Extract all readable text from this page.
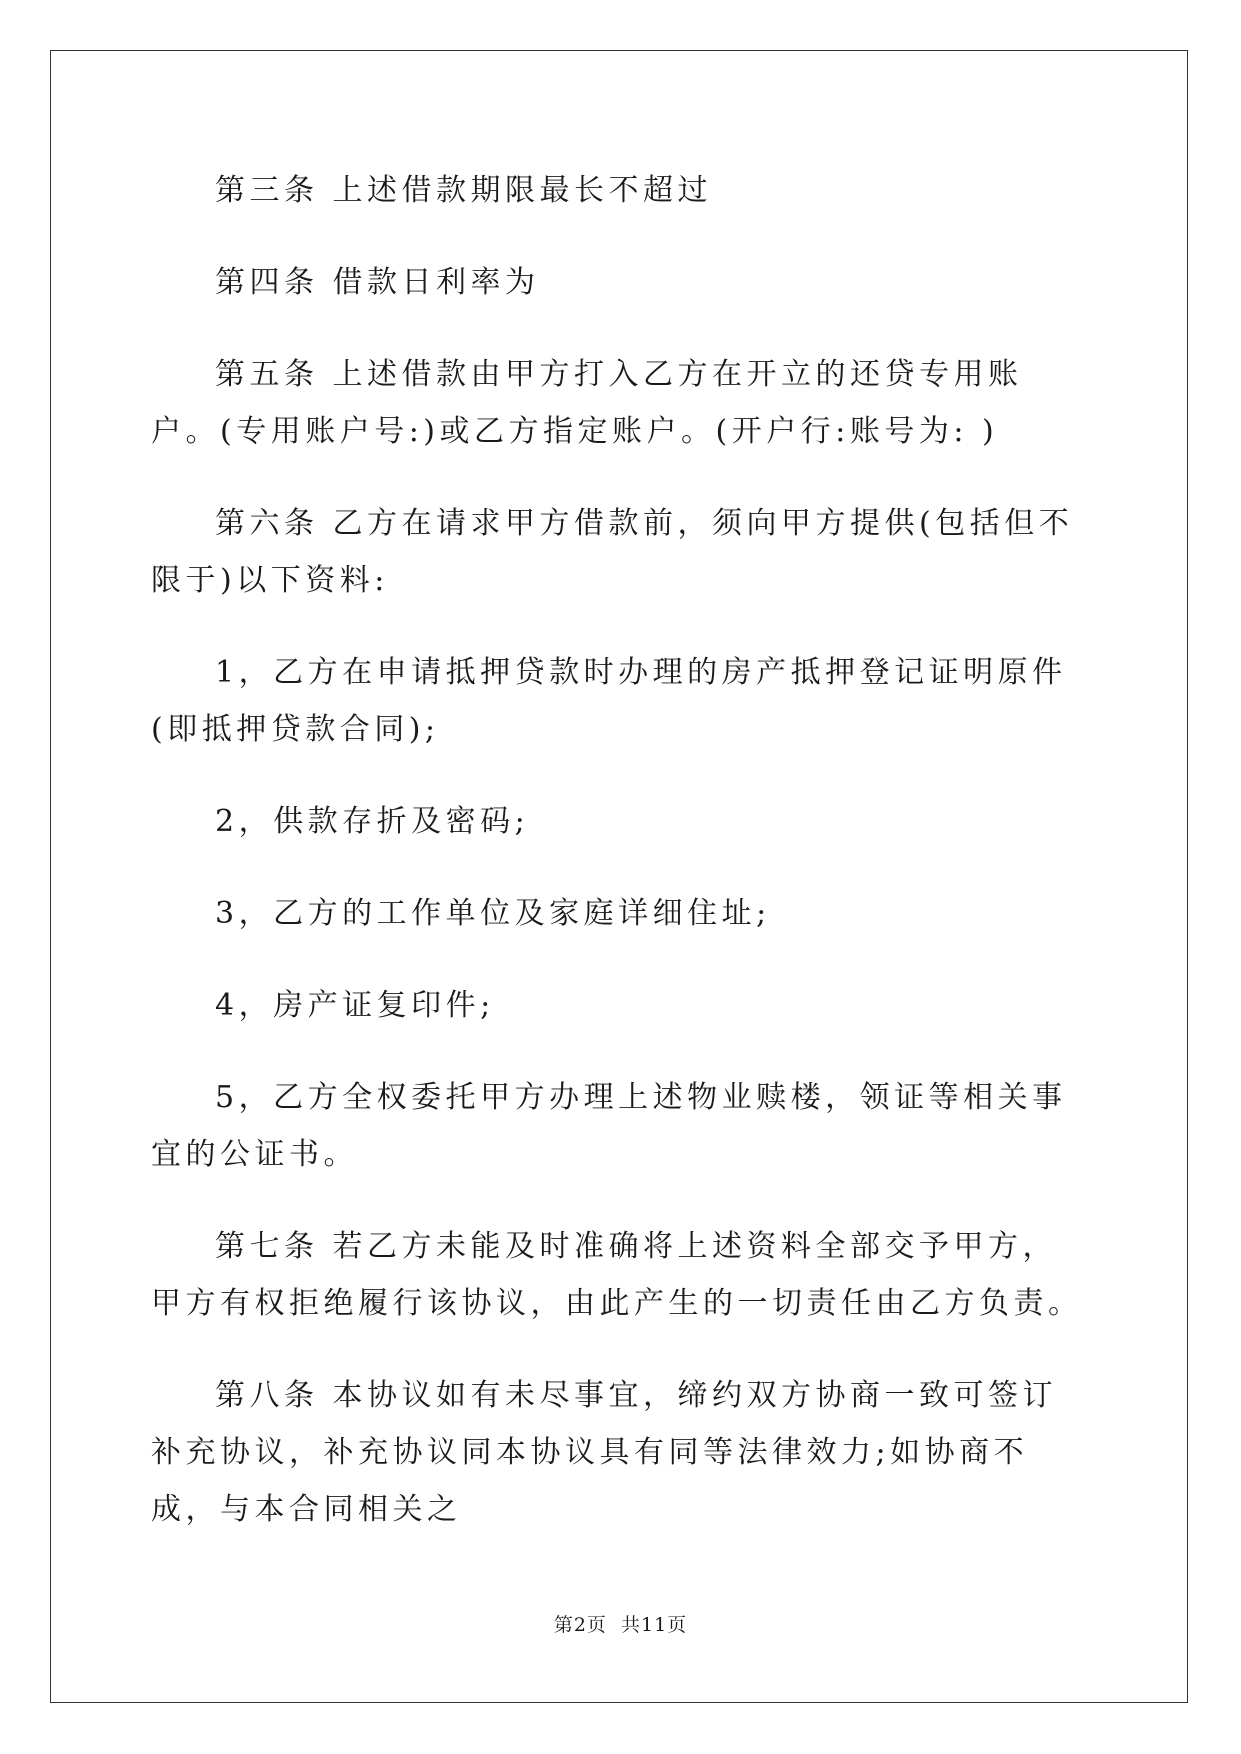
第三条 上述借款期限最长不超过

第四条 借款日利率为

第五条 上述借款由甲方打入乙方在开立的还贷专用账户。(专用账户号:)或乙方指定账户。(开户行:账号为: )

第六条 乙方在请求甲方借款前，须向甲方提供(包括但不限于)以下资料:

1，乙方在申请抵押贷款时办理的房产抵押登记证明原件(即抵押贷款合同);

2，供款存折及密码;

3，乙方的工作单位及家庭详细住址;

4，房产证复印件;

5，乙方全权委托甲方办理上述物业赎楼，领证等相关事宜的公证书。

第七条 若乙方未能及时准确将上述资料全部交予甲方，甲方有权拒绝履行该协议，由此产生的一切责任由乙方负责。

第八条 本协议如有未尽事宜，缔约双方协商一致可签订补充协议，补充协议同本协议具有同等法律效力;如协商不成，与本合同相关之

第2页  共11页
